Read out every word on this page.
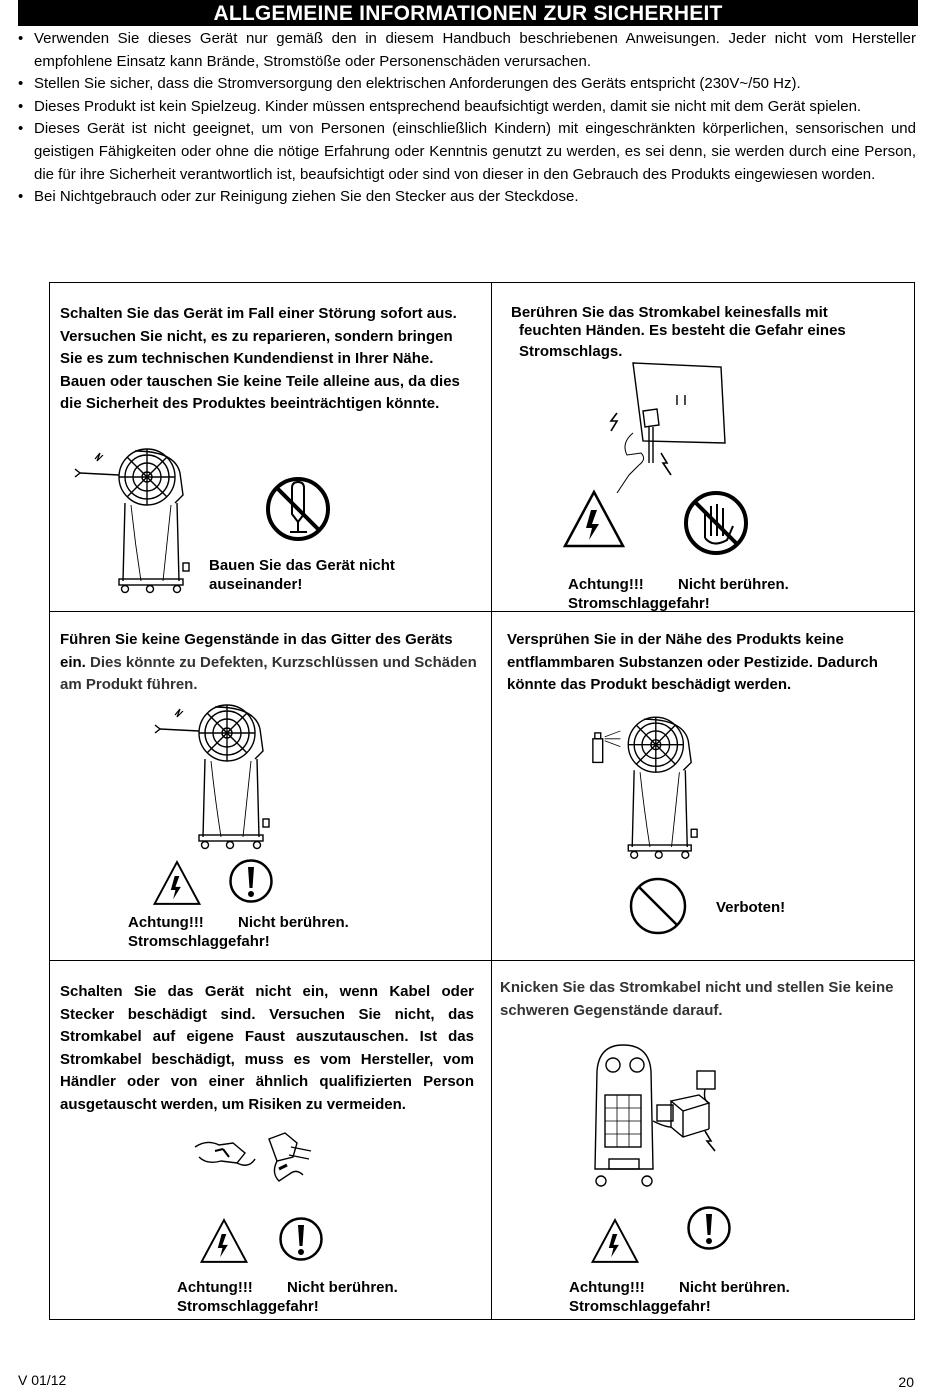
ALLGEMEINE INFORMATIONEN ZUR SICHERHEIT
• Verwenden Sie dieses Gerät nur gemäß den in diesem Handbuch beschriebenen Anweisungen. Jeder nicht vom Hersteller empfohlene Einsatz kann Brände, Stromstöße oder Personenschäden verursachen.
• Stellen Sie sicher, dass die Stromversorgung den elektrischen Anforderungen des Geräts entspricht (230V~/50 Hz).
• Dieses Produkt ist kein Spielzeug. Kinder müssen entsprechend beaufsichtigt werden, damit sie nicht mit dem Gerät spielen.
• Dieses Gerät ist nicht geeignet, um von Personen (einschließlich Kindern) mit eingeschränkten körperlichen, sensorischen und geistigen Fähigkeiten oder ohne die nötige Erfahrung oder Kenntnis genutzt zu werden, es sei denn, sie werden durch eine Person, die für ihre Sicherheit verantwortlich ist, beaufsichtigt oder sind von dieser in den Gebrauch des Produkts eingewiesen worden.
• Bei Nichtgebrauch oder zur Reinigung ziehen Sie den Stecker aus der Steckdose.
Schalten Sie das Gerät im Fall einer Störung sofort aus. Versuchen Sie nicht, es zu reparieren, sondern bringen Sie es zum technischen Kundendienst in Ihrer Nähe. Bauen oder tauschen Sie keine Teile alleine aus, da dies die Sicherheit des Produktes beeinträchtigen könnte.
Bauen Sie das Gerät nicht
auseinander!
Berühren Sie das Stromkabel keinesfalls mit
feuchten Händen. Es besteht die Gefahr eines
Stromschlags.
Achtung!!! Nicht berühren.
Stromschlaggefahr!
Führen Sie keine Gegenstände in das Gitter des Geräts ein. Dies könnte zu Defekten, Kurzschlüssen und Schäden am Produkt führen.
Achtung!!! Nicht berühren.
Stromschlaggefahr!
Versprühen Sie in der Nähe des Produkts keine entflammbaren Substanzen oder Pestizide. Dadurch könnte das Produkt beschädigt werden.
Verboten!
Schalten Sie das Gerät nicht ein, wenn Kabel oder Stecker beschädigt sind. Versuchen Sie nicht, das Stromkabel auf eigene Faust auszutauschen. Ist das Stromkabel beschädigt, muss es vom Hersteller, vom Händler oder von einer ähnlich qualifizierten Person ausgetauscht werden, um Risiken zu vermeiden.
Achtung!!! Nicht berühren.
Stromschlaggefahr!
Knicken Sie das Stromkabel nicht und stellen Sie keine schweren Gegenstände darauf.
Achtung!!! Nicht berühren.
Stromschlaggefahr!
V 01/12	20
